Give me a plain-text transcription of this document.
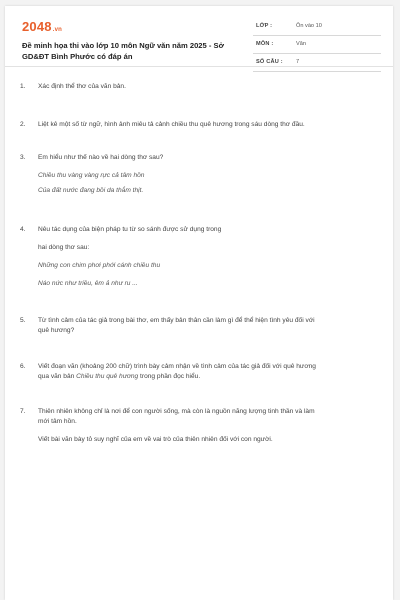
2048.vn
Đề minh họa thi vào lớp 10 môn Ngữ văn năm 2025 - Sở GD&ĐT Bình Phước có đáp án
LỚP :	Ôn vào 10
MÔN :	Văn
SỐ CÂU : 7
1.	Xác định thể thơ của văn bản.
2.	Liệt kê một số từ ngữ, hình ảnh miêu tả cảnh chiều thu quê hương trong sáu dòng thơ đầu.
3.	Em hiểu như thế nào về hai dòng thơ sau?
Chiều thu vàng vàng rực cả tâm hồn
Của đất nước đang bồi da thắm thịt.
4.	Nêu tác dụng của biện pháp tu từ so sánh được sử dụng trong
hai dòng thơ sau:
Những con chim phơi phới cánh chiều thu
Náo nức như triều, êm ả như ru ...
5.	Từ tình cảm của tác giả trong bài thơ, em thấy bản thân cần làm gì để thể hiện tình yêu đối với
quê hương?
6.	Viết đoạn văn (khoảng 200 chữ) trình bày cảm nhận về tình cảm của tác giả đối với quê hương
qua văn bản Chiều thu quê hương trong phần đọc hiểu.
7.	Thiên nhiên không chỉ là nơi để con người sống, mà còn là nguồn năng lượng tinh thần và làm
mới tâm hồn.
Viết bài văn bày tỏ suy nghĩ của em về vai trò của thiên nhiên đối với con người.
